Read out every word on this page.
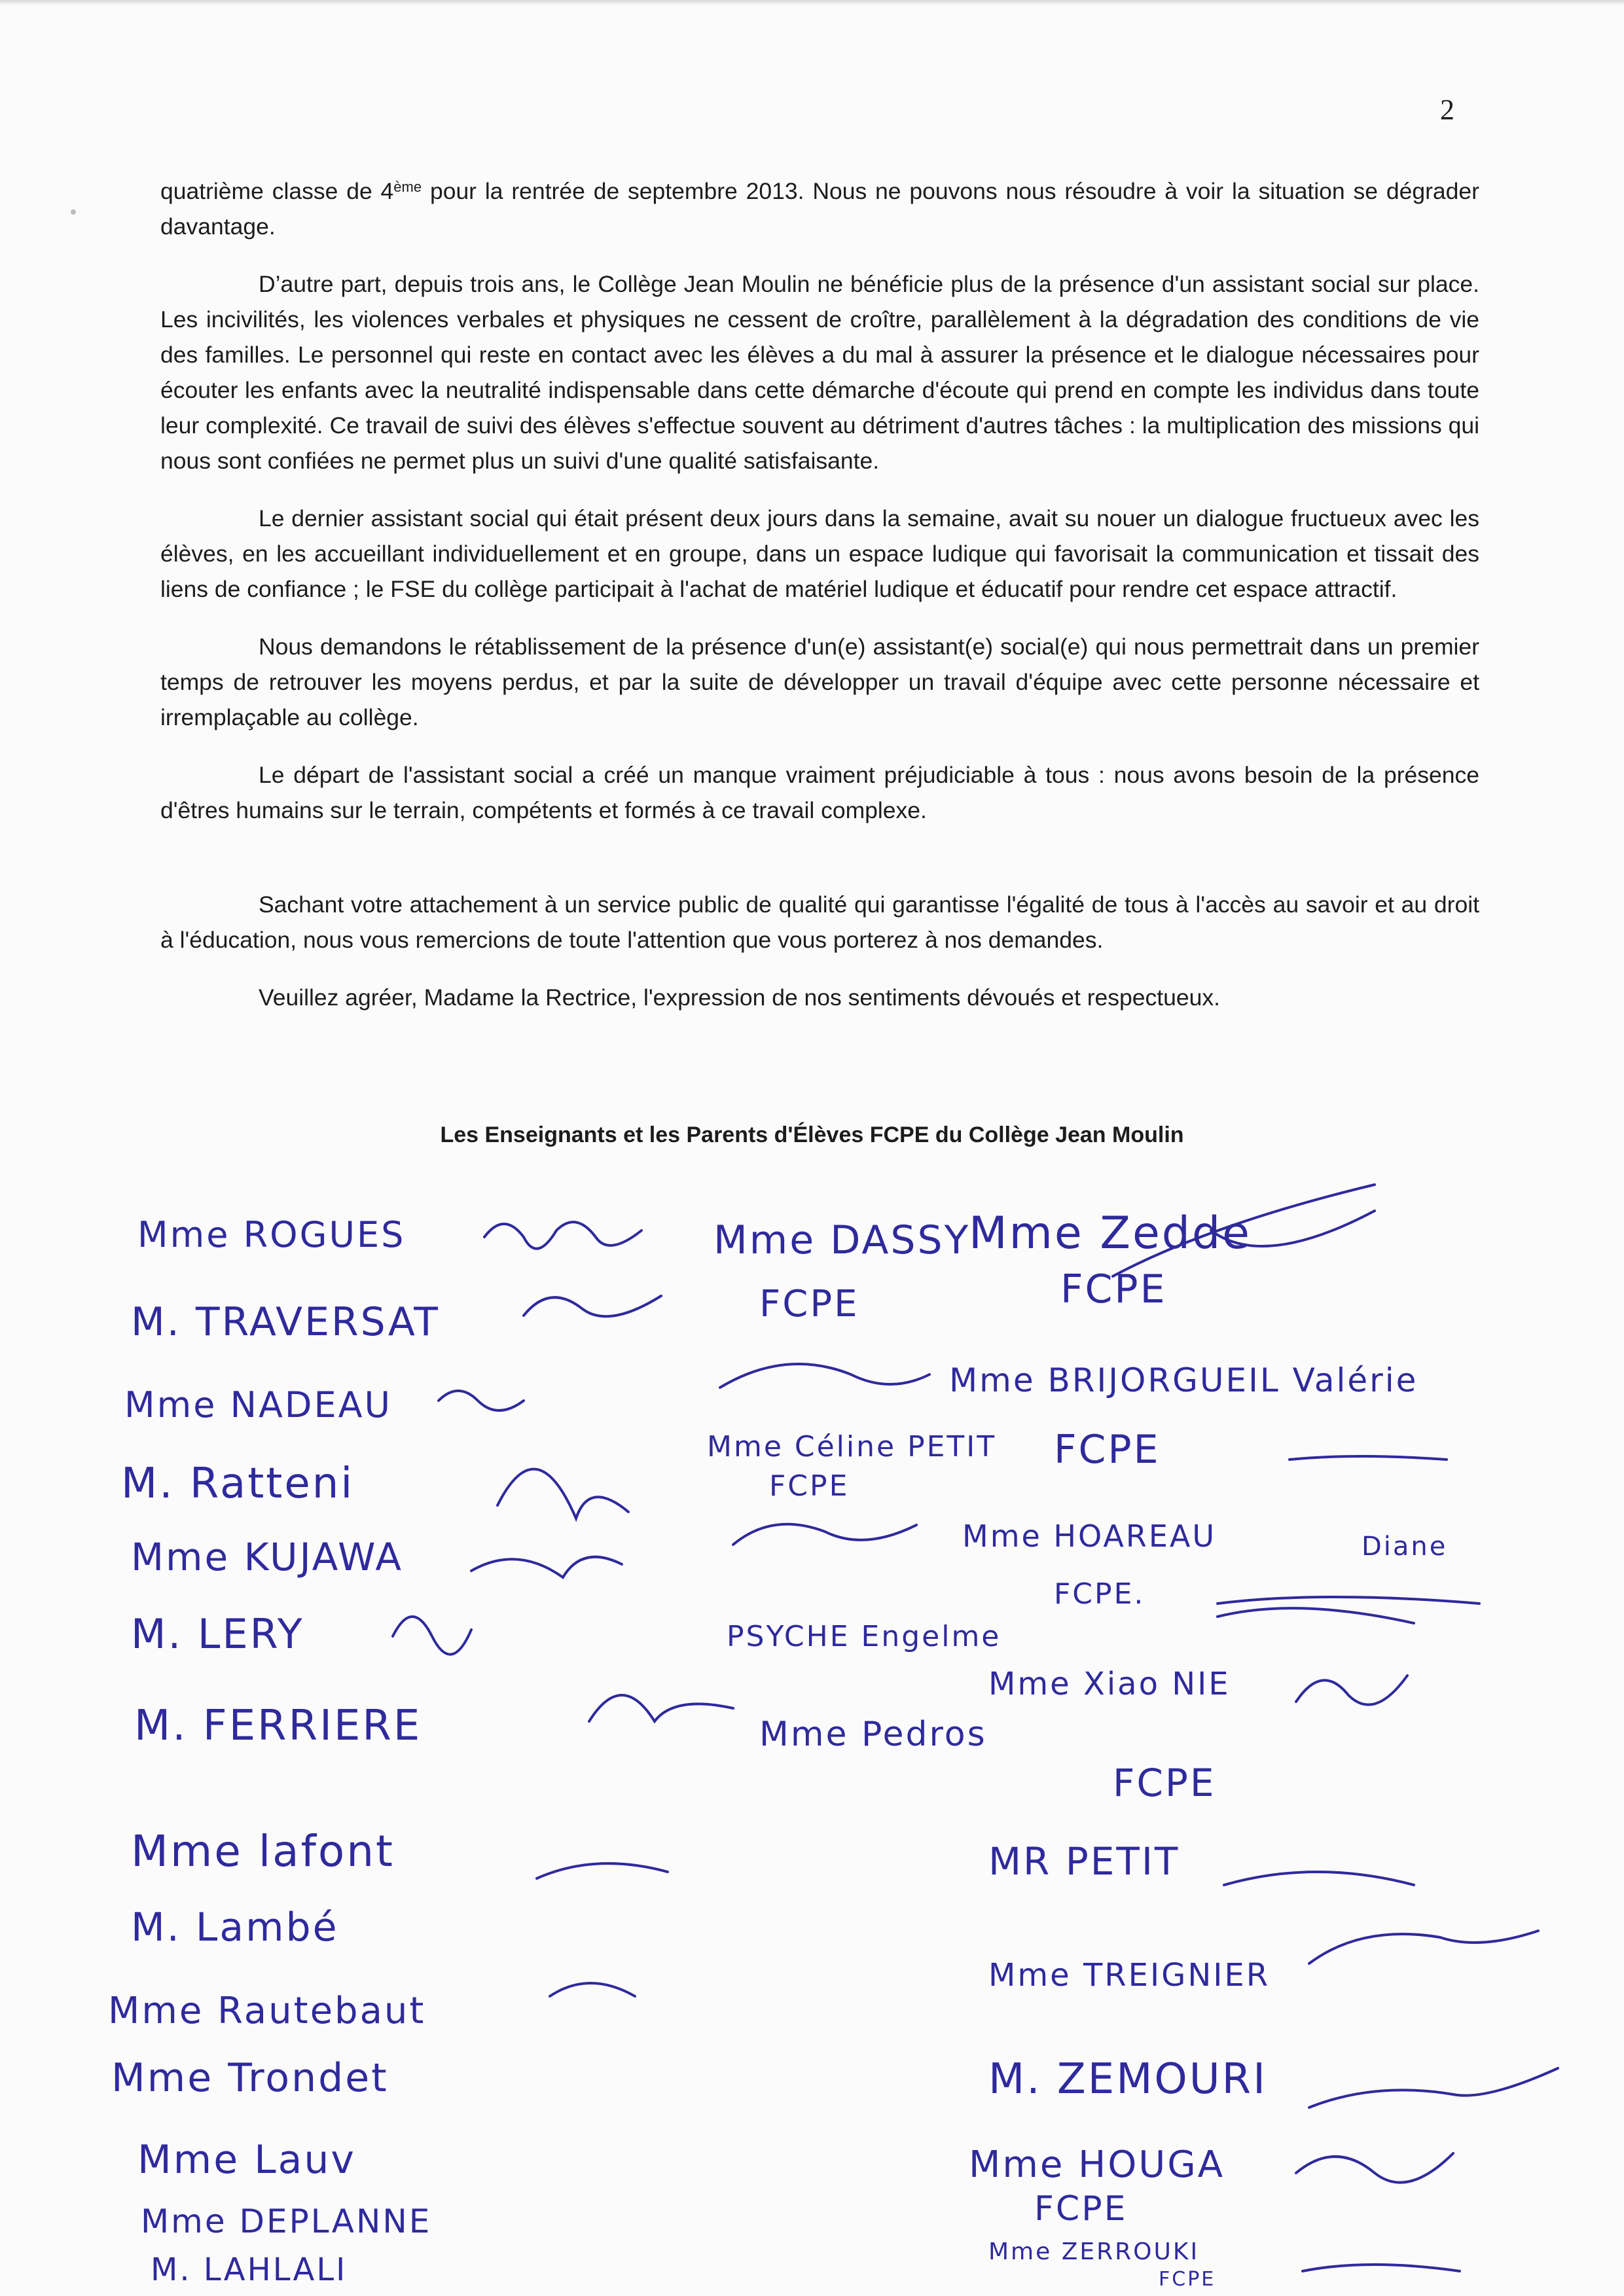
2

quatrième classe de 4ème pour la rentrée de septembre 2013. Nous ne pouvons nous résoudre à voir la situation se dégrader davantage.

D’autre part, depuis trois ans, le Collège Jean Moulin ne bénéficie plus de la présence d'un assistant social sur place. Les incivilités, les violences verbales et physiques ne cessent de croître, parallèlement à la dégradation des conditions de vie des familles. Le personnel qui reste en contact avec les élèves a du mal à assurer la présence et le dialogue nécessaires pour écouter les enfants avec la neutralité indispensable dans cette démarche d'écoute qui prend en compte les individus dans toute leur complexité. Ce travail de suivi des élèves s'effectue souvent au détriment d'autres tâches : la multiplication des missions qui nous sont confiées ne permet plus un suivi d'une qualité satisfaisante.

Le dernier assistant social qui était présent deux jours dans la semaine, avait su nouer un dialogue fructueux avec les élèves, en les accueillant individuellement et en groupe, dans un espace ludique qui favorisait la communication et tissait des liens de confiance ; le FSE du collège participait à l'achat de matériel ludique et éducatif pour rendre cet espace attractif.

Nous demandons le rétablissement de la présence d'un(e) assistant(e) social(e) qui nous permettrait dans un premier temps de retrouver les moyens perdus, et par la suite de développer un travail d'équipe avec cette personne nécessaire et irremplaçable au collège.

Le départ de l'assistant social a créé un manque vraiment préjudiciable à tous : nous avons besoin de la présence d'êtres humains sur le terrain, compétents et formés à ce travail complexe.

Sachant votre attachement à un service public de qualité qui garantisse l'égalité de tous à l'accès au savoir et au droit à l'éducation, nous vous remercions de toute l'attention que vous porterez à nos demandes.

Veuillez agréer, Madame la Rectrice, l'expression de nos sentiments dévoués et respectueux.

Les Enseignants et les Parents d'Élèves FCPE du Collège Jean Moulin
Mme ROGUES
M. TRAVERSAT
Mme NADEAU
M. Ratteni
Mme KUJAWA
M. LERY
M. FERRIERE
Mme lafont
M. Lambé
Mme Rautebaut
Mme Trondet
Mme Lauv
Mme DEPLANNE
M. LAHLALI
Mme DASSY
FCPE
Mme Zedde
FCPE
Mme BRIJORGUEIL Valérie
Mme Céline PETIT
FCPE
FCPE
Mme HOAREAU	Diane
FCPE.
PSYCHE Engelme
Mme Xiao NIE
Mme Pedros
FCPE
MR PETIT
Mme TREIGNIER
M. ZEMOURI
Mme HOUGA
FCPE
Mme ZERROUKI
FCPE
